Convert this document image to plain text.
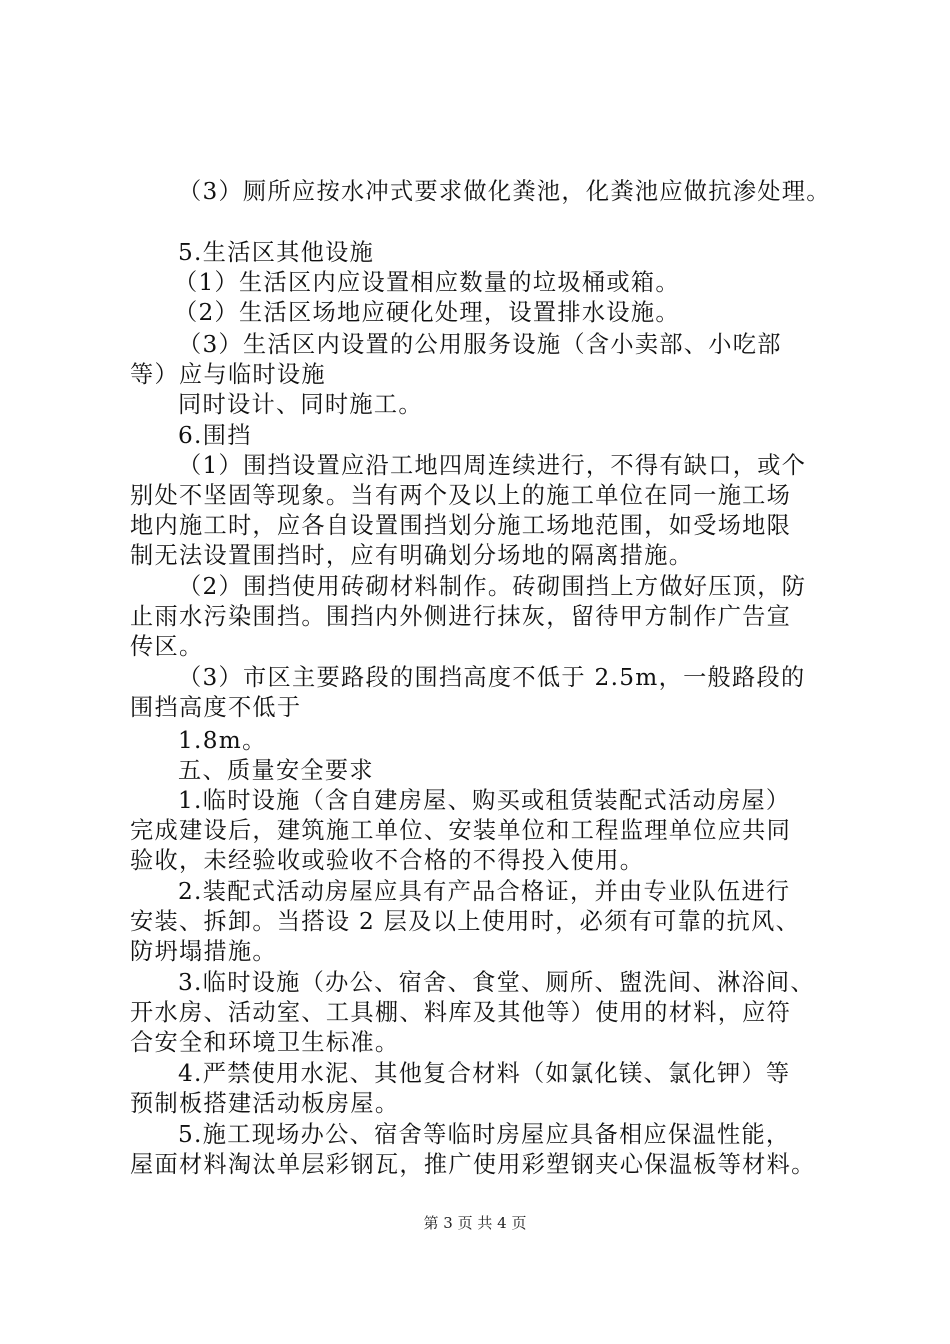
（3）厕所应按水冲式要求做化粪池，化粪池应做抗渗处理。
5.生活区其他设施
（1）生活区内应设置相应数量的垃圾桶或箱。
（2）生活区场地应硬化处理，设置排水设施。
（3）生活区内设置的公用服务设施（含小卖部、小吃部
等）应与临时设施
同时设计、同时施工。
6.围挡
（1）围挡设置应沿工地四周连续进行，不得有缺口，或个
别处不坚固等现象。当有两个及以上的施工单位在同一施工场
地内施工时，应各自设置围挡划分施工场地范围，如受场地限
制无法设置围挡时，应有明确划分场地的隔离措施。
（2）围挡使用砖砌材料制作。砖砌围挡上方做好压顶，防
止雨水污染围挡。围挡内外侧进行抹灰，留待甲方制作广告宣
传区。
（3）市区主要路段的围挡高度不低于 2.5m，一般路段的
围挡高度不低于
1.8m。
五、质量安全要求
1.临时设施（含自建房屋、购买或租赁装配式活动房屋）
完成建设后，建筑施工单位、安装单位和工程监理单位应共同
验收，未经验收或验收不合格的不得投入使用。
2.装配式活动房屋应具有产品合格证，并由专业队伍进行
安装、拆卸。当搭设 2 层及以上使用时，必须有可靠的抗风、
防坍塌措施。
3.临时设施（办公、宿舍、食堂、厕所、盥洗间、淋浴间、
开水房、活动室、工具棚、料库及其他等）使用的材料，应符
合安全和环境卫生标准。
4.严禁使用水泥、其他复合材料（如氯化镁、氯化钾）等
预制板搭建活动板房屋。
5.施工现场办公、宿舍等临时房屋应具备相应保温性能，
屋面材料淘汰单层彩钢瓦，推广使用彩塑钢夹心保温板等材料。
第 3 页 共 4 页
